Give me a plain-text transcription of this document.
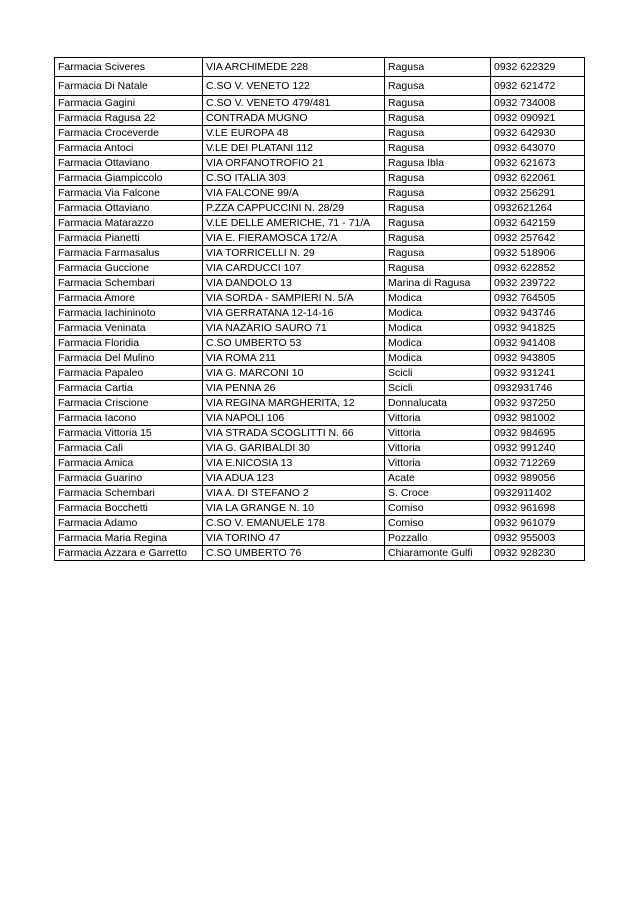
Farmacia Sciveres	VIA ARCHIMEDE 228	Ragusa	0932 622329
Farmacia Di Natale	C.SO V. VENETO 122	Ragusa	0932 621472
Farmacia Gagini	C.SO V. VENETO 479/481	Ragusa	0932 734008
Farmacia Ragusa 22	CONTRADA MUGNO	Ragusa	0932 090921
Farmacia Croceverde	V.LE EUROPA 48	Ragusa	0932 642930
Farmacia Antoci	V.LE DEI PLATANI 112	Ragusa	0932 643070
Farmacia Ottaviano	VIA ORFANOTROFIO 21	Ragusa Ibla	0932 621673
Farmacia Giampiccolo	C.SO ITALIA 303	Ragusa	0932 622061
Farmacia Via Falcone	VIA FALCONE 99/A	Ragusa	0932 256291
Farmacia Ottaviano	P.ZZA CAPPUCCINI N. 28/29	Ragusa	0932621264
Farmacia Matarazzo	V.LE DELLE AMERICHE, 71 - 71/A	Ragusa	0932 642159
Farmacia Pianetti	VIA E. FIERAMOSCA 172/A	Ragusa	0932 257642
Farmacia Farmasalus	VIA TORRICELLI N. 29	Ragusa	0932 518906
Farmacia Guccione	VIA CARDUCCI 107	Ragusa	0932 622852
Farmacia Schembari	VIA DANDOLO 13	Marina di Ragusa	0932 239722
Farmacia Amore	VIA SORDA - SAMPIERI N. 5/A	Modica	0932 764505
Farmacia Iachininoto	VIA GERRATANA 12-14-16	Modica	0932 943746
Farmacia Veninata	VIA NAZARIO SAURO 71	Modica	0932 941825
Farmacia Floridia	C.SO UMBERTO 53	Modica	0932 941408
Farmacia Del Mulino	VIA ROMA 211	Modica	0932 943805
Farmacia Papaleo	VIA G. MARCONI 10	Scicli	0932 931241
Farmacia Cartia	VIA PENNA 26	Scicli	0932931746
Farmacia Criscione	VIA REGINA MARGHERITA, 12	Donnalucata	0932 937250
Farmacia Iacono	VIA NAPOLI 106	Vittoria	0932 981002
Farmacia Vittoria 15	VIA STRADA SCOGLITTI N. 66	Vittoria	0932 984695
Farmacia Calì	VIA G. GARIBALDI 30	Vittoria	0932 991240
Farmacia Amica	VIA E.NICOSIA 13	Vittoria	0932 712269
Farmacia Guarino	VIA ADUA 123	Acate	0932 989056
Farmacia Schembari	VIA A. DI STEFANO 2	S. Croce	0932911402
Farmacia Bocchetti	VIA LA GRANGE N. 10	Comiso	0932 961698
Farmacia Adamo	C.SO V. EMANUELE 178	Comiso	0932 961079
Farmacia Maria Regina	VIA TORINO 47	Pozzallo	0932 955003
Farmacia Azzara e Garretto	C.SO UMBERTO 76	Chiaramonte Gulfi	0932 928230
